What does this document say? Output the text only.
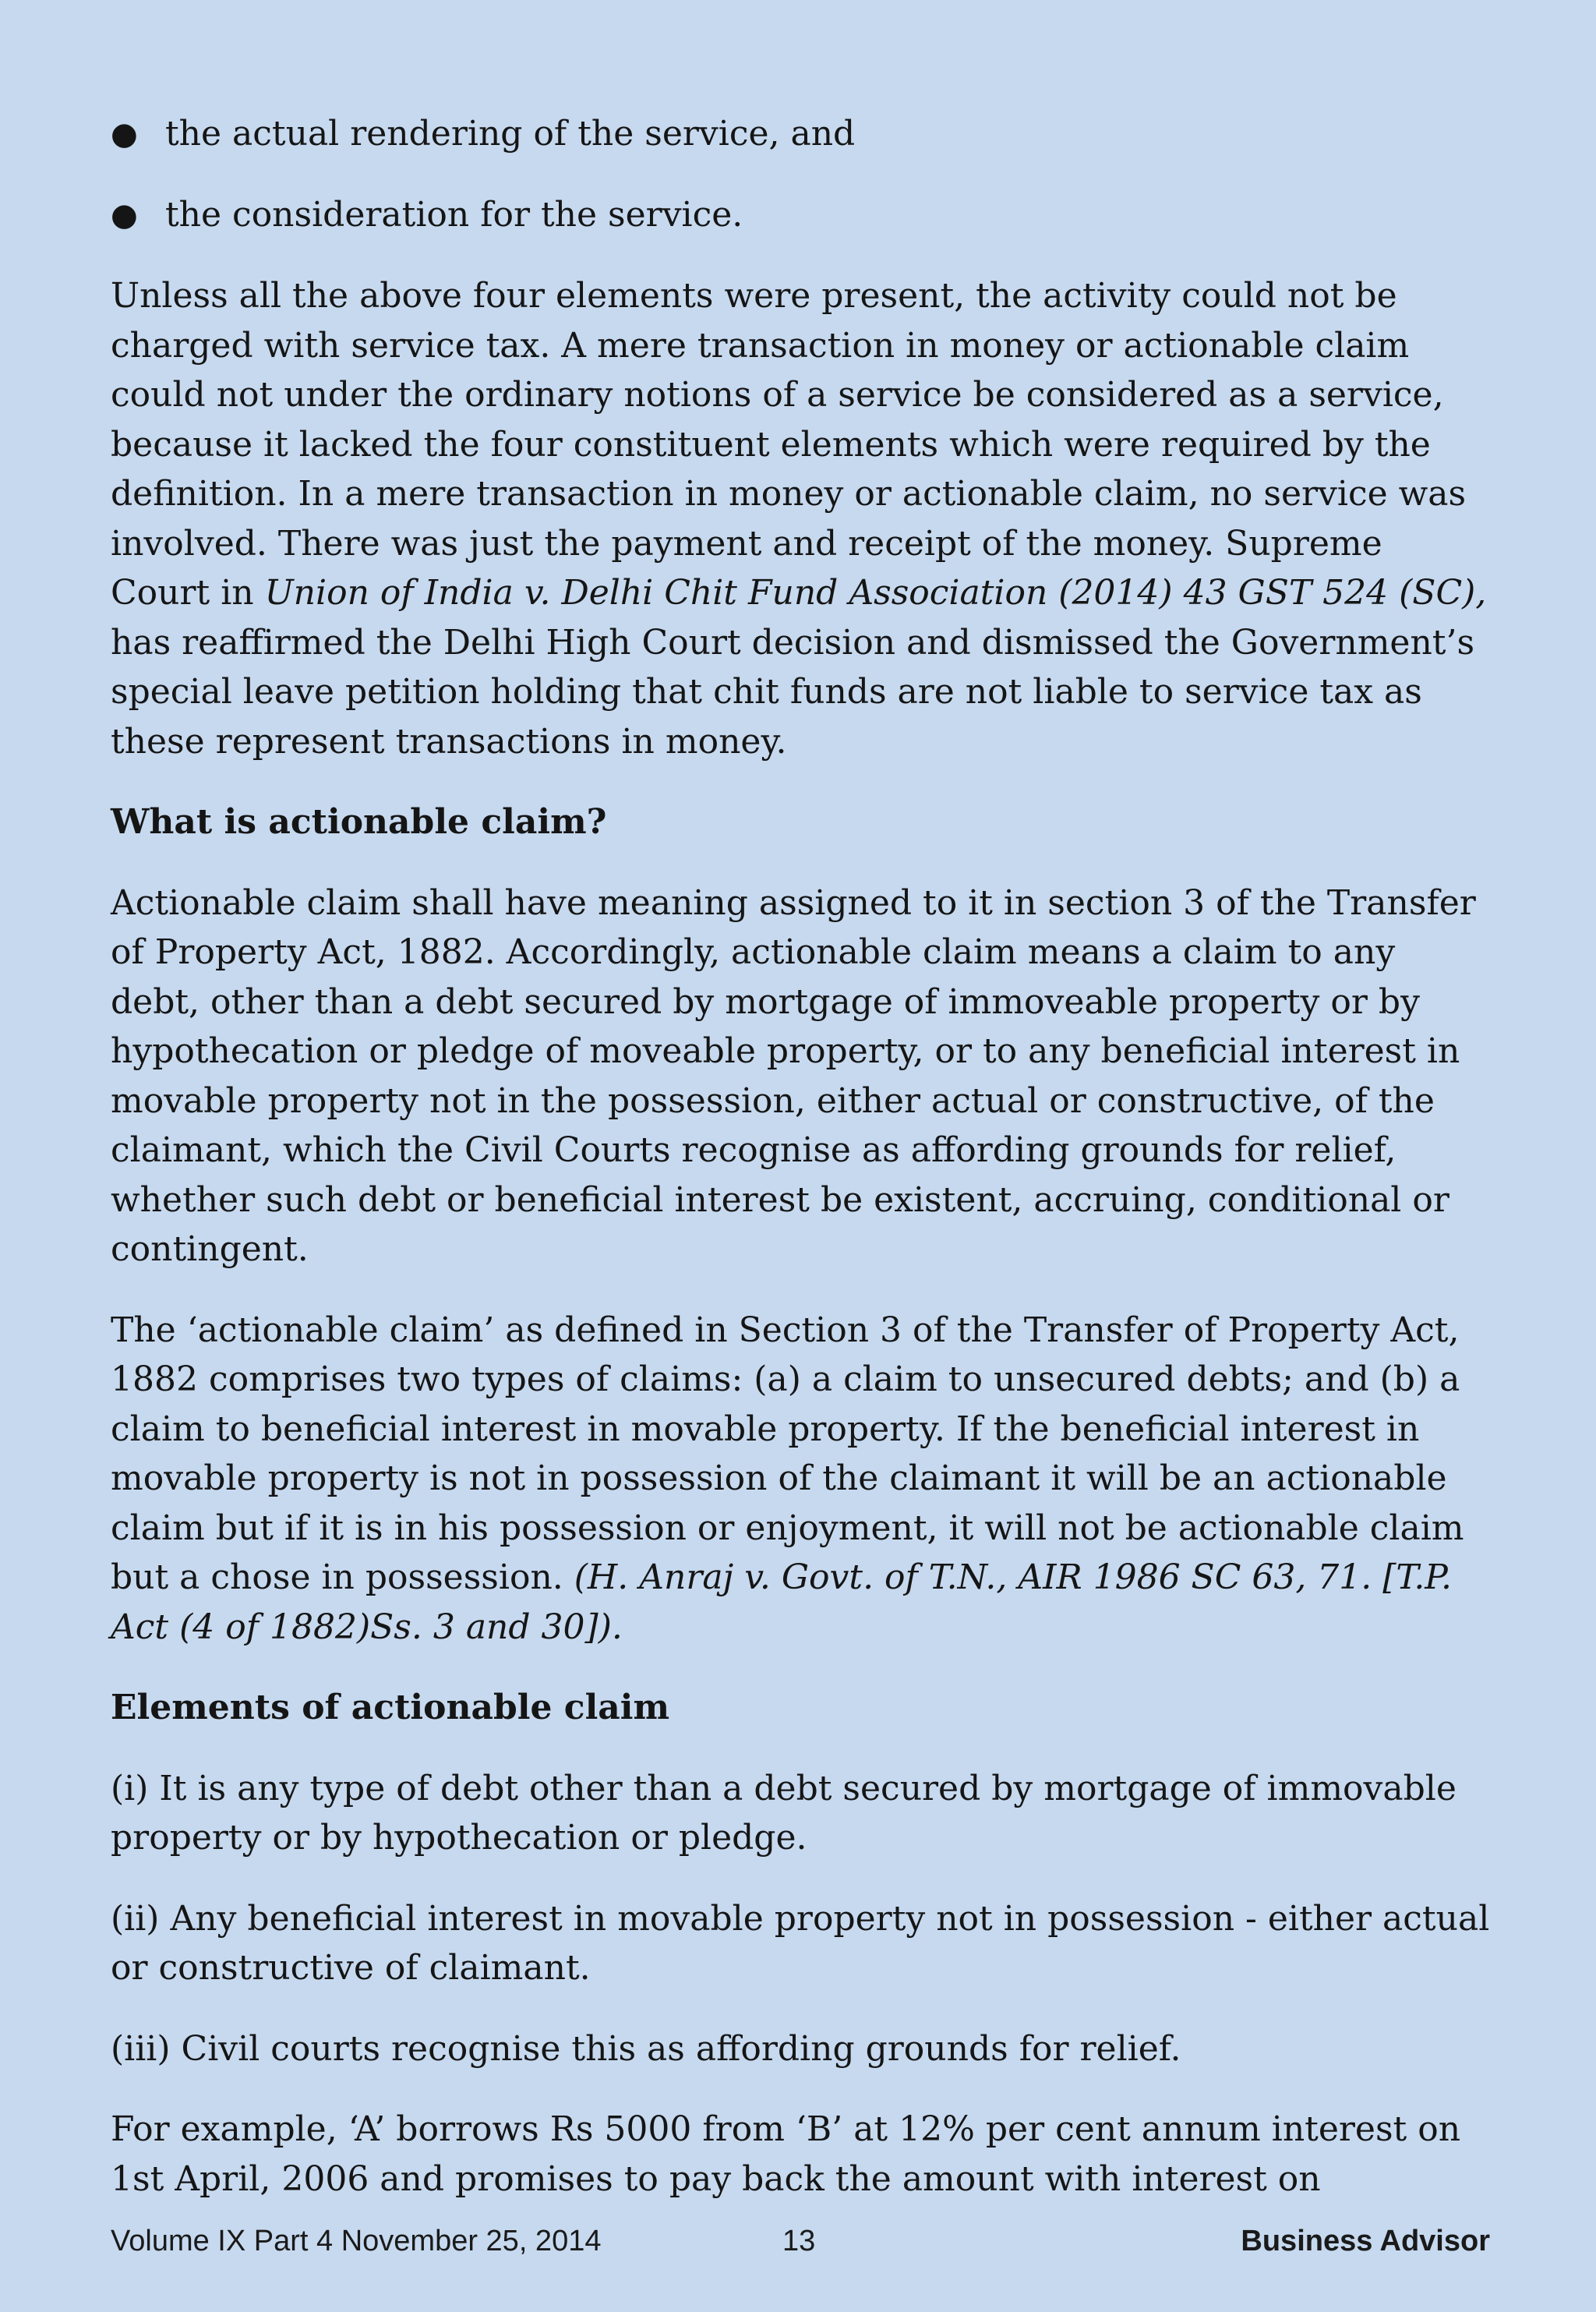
● the actual rendering of the service, and
● the consideration for the service.

Unless all the above four elements were present, the activity could not be charged with service tax. A mere transaction in money or actionable claim could not under the ordinary notions of a service be considered as a service, because it lacked the four constituent elements which were required by the definition. In a mere transaction in money or actionable claim, no service was involved. There was just the payment and receipt of the money. Supreme Court in Union of India v. Delhi Chit Fund Association (2014) 43 GST 524 (SC), has reaffirmed the Delhi High Court decision and dismissed the Government’s special leave petition holding that chit funds are not liable to service tax as these represent transactions in money.

What is actionable claim?

Actionable claim shall have meaning assigned to it in section 3 of the Transfer of Property Act, 1882. Accordingly, actionable claim means a claim to any debt, other than a debt secured by mortgage of immoveable property or by hypothecation or pledge of moveable property, or to any beneficial interest in movable property not in the possession, either actual or constructive, of the claimant, which the Civil Courts recognise as affording grounds for relief, whether such debt or beneficial interest be existent, accruing, conditional or contingent.

The ‘actionable claim’ as defined in Section 3 of the Transfer of Property Act, 1882 comprises two types of claims: (a) a claim to unsecured debts; and (b) a claim to beneficial interest in movable property. If the beneficial interest in movable property is not in possession of the claimant it will be an actionable claim but if it is in his possession or enjoyment, it will not be actionable claim but a chose in possession. (H. Anraj v. Govt. of T.N., AIR 1986 SC 63, 71. [T.P. Act (4 of 1882)Ss. 3 and 30]).

Elements of actionable claim

(i) It is any type of debt other than a debt secured by mortgage of immovable property or by hypothecation or pledge.

(ii) Any beneficial interest in movable property not in possession - either actual or constructive of claimant.

(iii) Civil courts recognise this as affording grounds for relief.

For example, ‘A’ borrows Rs 5000 from ‘B’ at 12% per cent annum interest on 1st April, 2006 and promises to pay back the amount with interest on

Volume IX Part 4 November 25, 2014	13	Business Advisor
